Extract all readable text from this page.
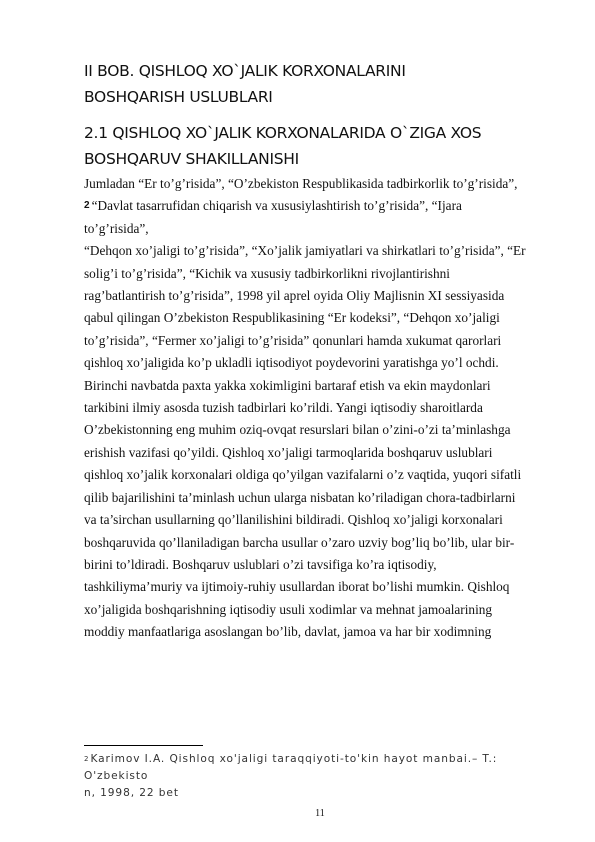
II BOB. QISHLOQ XO`JALIK KORXONALARINI
BOSHQARISH USLUBLARI
2.1 QISHLOQ XO`JALIK KORXONALARIDA O`ZIGA XOS
BOSHQARUV SHAKILLANISHI
Jumladan “Er to’g’risida”, “O’zbekiston Respublikasida tadbirkorlik to’g’risida”,
$^2$ “Davlat tasarrufidan chiqarish va xususiylashtirish to’g’risida”, “Ijara
to’g’risida”,
“Dehqon xo’jaligi to’g’risida”, “Xo’jalik jamiyatlari va shirkatlari to’g’risida”, “Er
solig’i to’g’risida”, “Kichik va xususiy tadbirkorlikni rivojlantirishni
rag’batlantirish to’g’risida”, 1998 yil aprel oyida Oliy Majlisnin XI sessiyasida
qabul qilingan O’zbekiston Respublikasining “Er kodeksi”, “Dehqon xo’jaligi
to’g’risida”, “Fermer xo’jaligi to’g’risida” qonunlari hamda xukumat qarorlari
qishloq xo’jaligida ko’p ukladli iqtisodiyot poydevorini yaratishga yo’l ochdi.
Birinchi navbatda paxta yakka xokimligini bartaraf etish va ekin maydonlari
tarkibini ilmiy asosda tuzish tadbirlari ko’rildi. Yangi iqtisodiy sharoitlarda
O’zbekistonning eng muhim oziq-ovqat resurslari bilan o’zini-o’zi ta’minlashga
erishish vazifasi qo’yildi. Qishloq xo’jaligi tarmoqlarida boshqaruv uslublari
qishloq xo’jalik korxonalari oldiga qo’yilgan vazifalarni o’z vaqtida, yuqori sifatli
qilib bajarilishini ta’minlash uchun ularga nisbatan ko’riladigan chora-tadbirlarni
va ta’sirchan usullarning qo’llanilishini bildiradi. Qishloq xo’jaligi korxonalari
boshqaruvida qo’llaniladigan barcha usullar o’zaro uzviy bog’liq bo’lib, ular bir-
birini to’ldiradi. Boshqaruv uslublari o’zi tavsifiga ko’ra iqtisodiy,
tashkiliyma’muriy va ijtimoiy-ruhiy usullardan iborat bo’lishi mumkin. Qishloq
xo’jaligida boshqarishning iqtisodiy usuli xodimlar va mehnat jamoalarining
moddiy manfaatlariga asoslangan bo’lib, davlat, jamoa va har bir xodimning
$^2$ Karimov I.A. Qishloq xo'jaligi taraqqiyoti-to'kin hayot manbai.– T.: O'zbekisto
n, 1998, 22 bet
11
